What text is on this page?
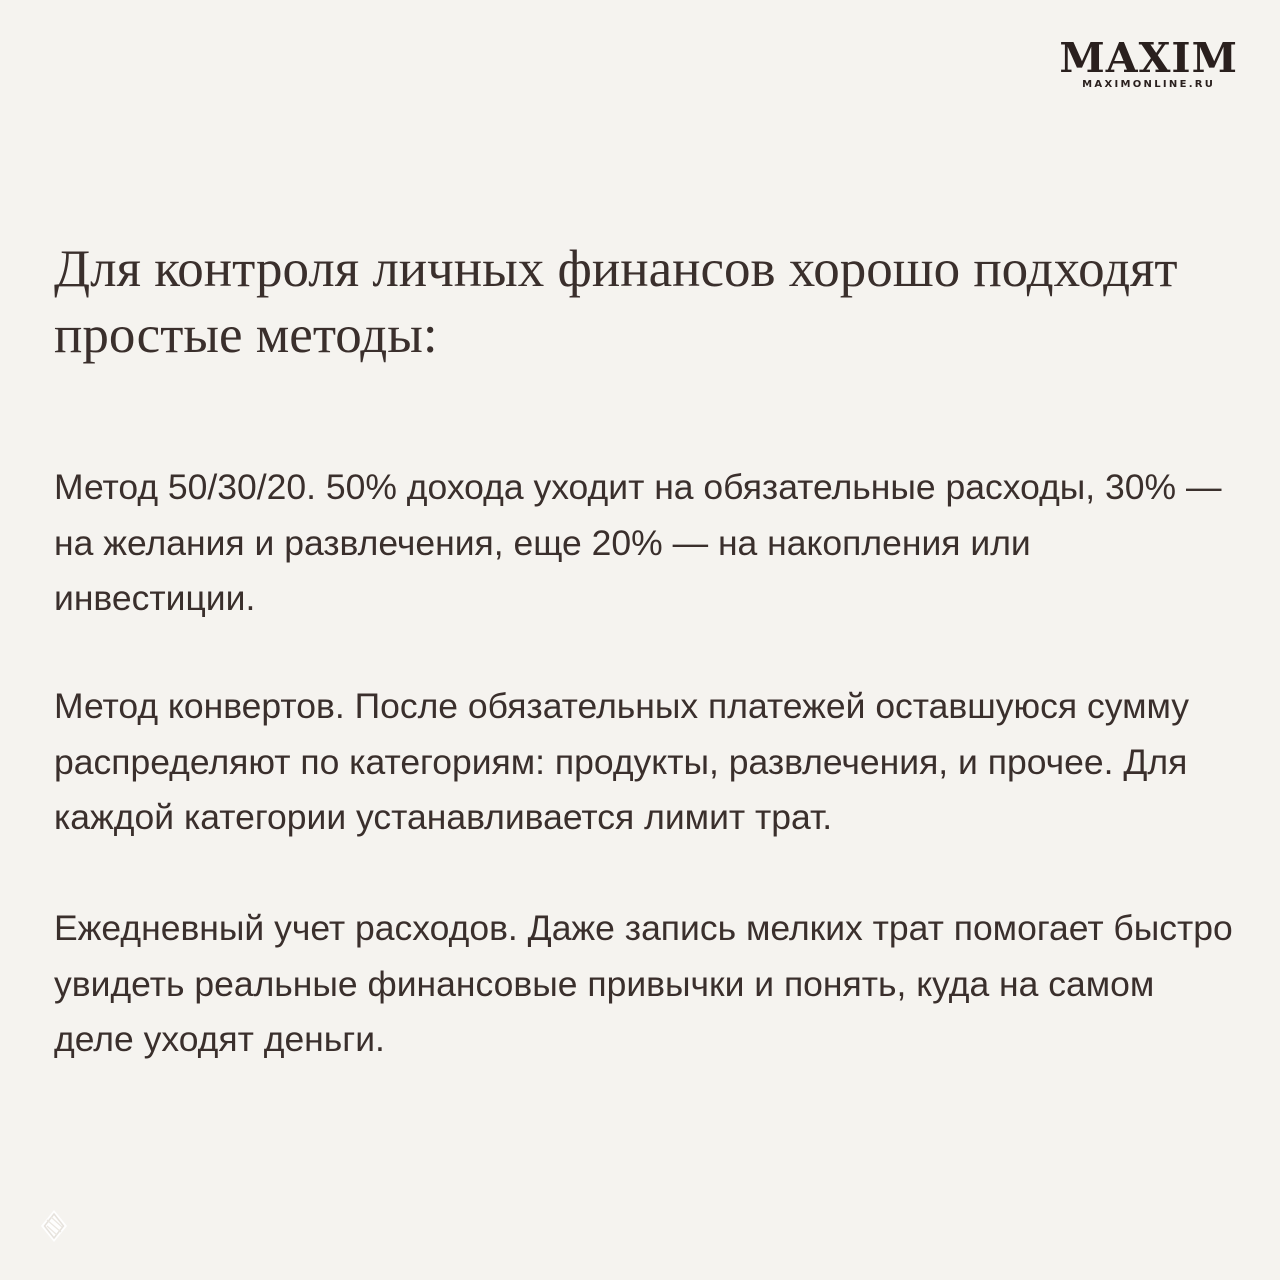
MAXIM
MAXIMONLINE.RU
Для контроля личных финансов хорошо подходят простые методы:

Метод 50/30/20. 50% дохода уходит на обязательные расходы, 30% — на желания и развлечения, еще 20% — на накопления или инвестиции.

Метод конвертов. После обязательных платежей оставшуюся сумму распределяют по категориям: продукты, развлечения, и прочее. Для каждой категории устанавливается лимит трат.

Ежедневный учет расходов. Даже запись мелких трат помогает быстро увидеть реальные финансовые привычки и понять, куда на самом деле уходят деньги.
